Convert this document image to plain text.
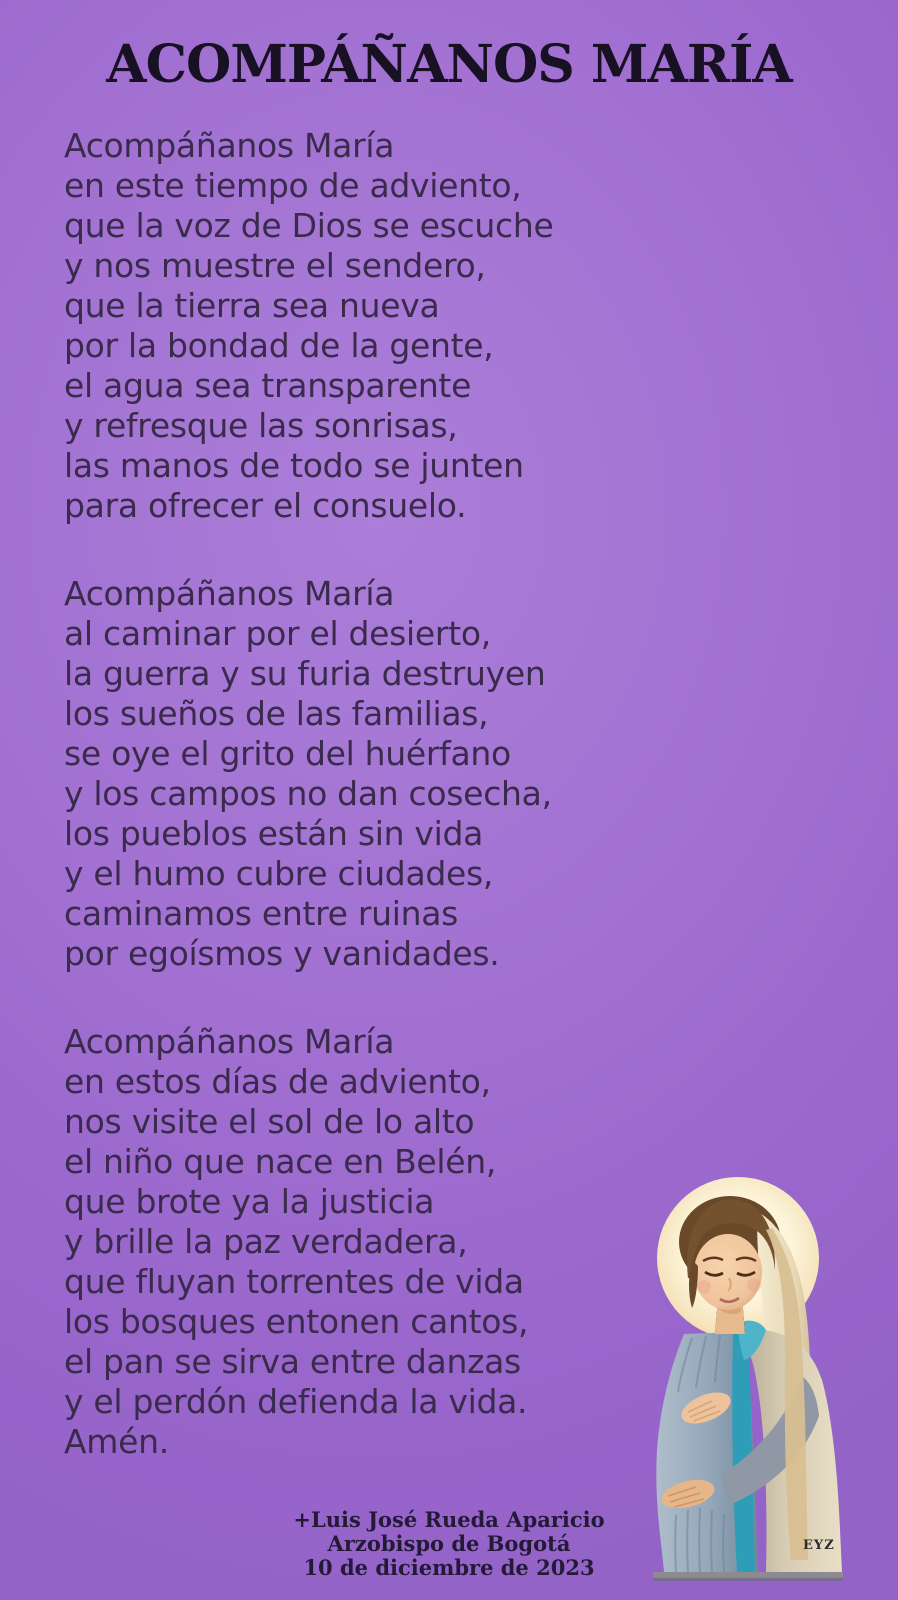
ACOMPÁÑANOS MARÍA
Acompáñanos María
en este tiempo de adviento,
que la voz de Dios se escuche
y nos muestre el sendero,
que la tierra sea nueva
por la bondad de la gente,
el agua sea transparente
y refresque las sonrisas,
las manos de todo se junten
para ofrecer el consuelo.
Acompáñanos María
al caminar por el desierto,
la guerra y su furia destruyen
los sueños de las familias,
se oye el grito del huérfano
y los campos no dan cosecha,
los pueblos están sin vida
y el humo cubre ciudades,
caminamos entre ruinas
por egoísmos y vanidades.
Acompáñanos María
en estos días de adviento,
nos visite el sol de lo alto
el niño que nace en Belén,
que brote ya la justicia
y brille la paz verdadera,
que fluyan torrentes de vida
los bosques entonen cantos,
el pan se sirva entre danzas
y el perdón defienda la vida.
Amén.
EYZ
+Luis José Rueda Aparicio
Arzobispo de Bogotá
10 de diciembre de 2023
